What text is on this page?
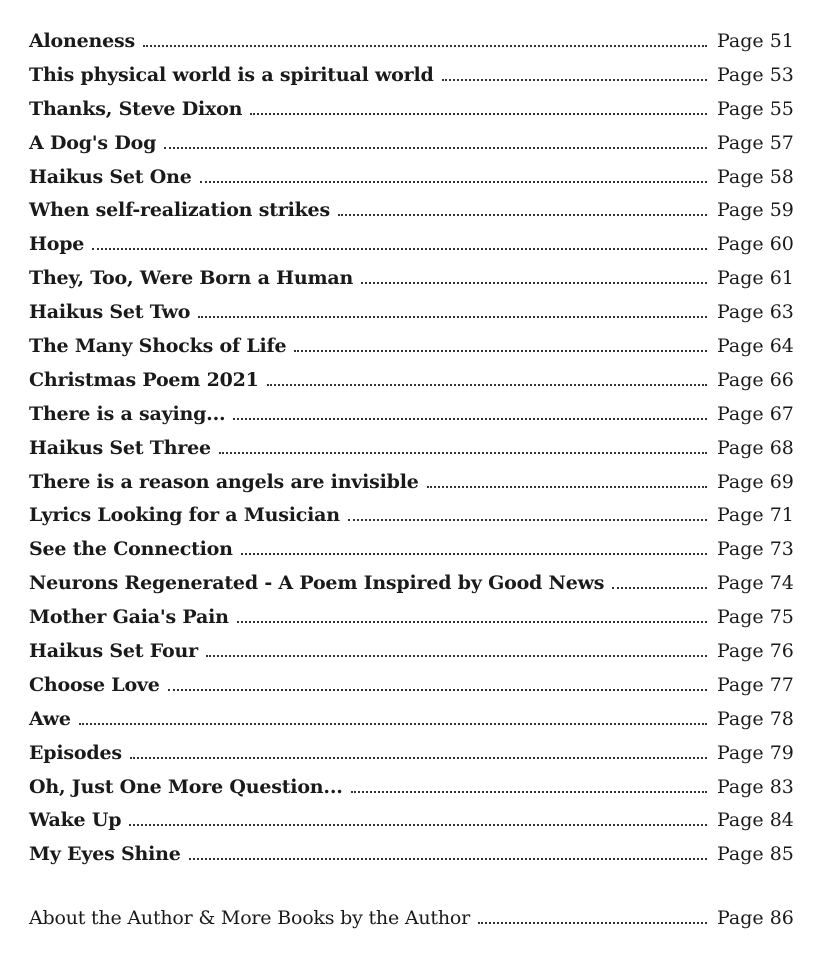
Aloneness	Page 51
This physical world is a spiritual world	Page 53
Thanks, Steve Dixon	Page 55
A Dog's Dog	Page 57
Haikus Set One	Page 58
When self-realization strikes	Page 59
Hope	Page 60
They, Too, Were Born a Human	Page 61
Haikus Set Two	Page 63
The Many Shocks of Life	Page 64
Christmas Poem 2021	Page 66
There is a saying...	Page 67
Haikus Set Three	Page 68
There is a reason angels are invisible	Page 69
Lyrics Looking for a Musician	Page 71
See the Connection	Page 73
Neurons Regenerated - A Poem Inspired by Good News	Page 74
Mother Gaia's Pain	Page 75
Haikus Set Four	Page 76
Choose Love	Page 77
Awe	Page 78
Episodes	Page 79
Oh, Just One More Question...	Page 83
Wake Up	Page 84
My Eyes Shine	Page 85
About the Author & More Books by the Author	Page 86
